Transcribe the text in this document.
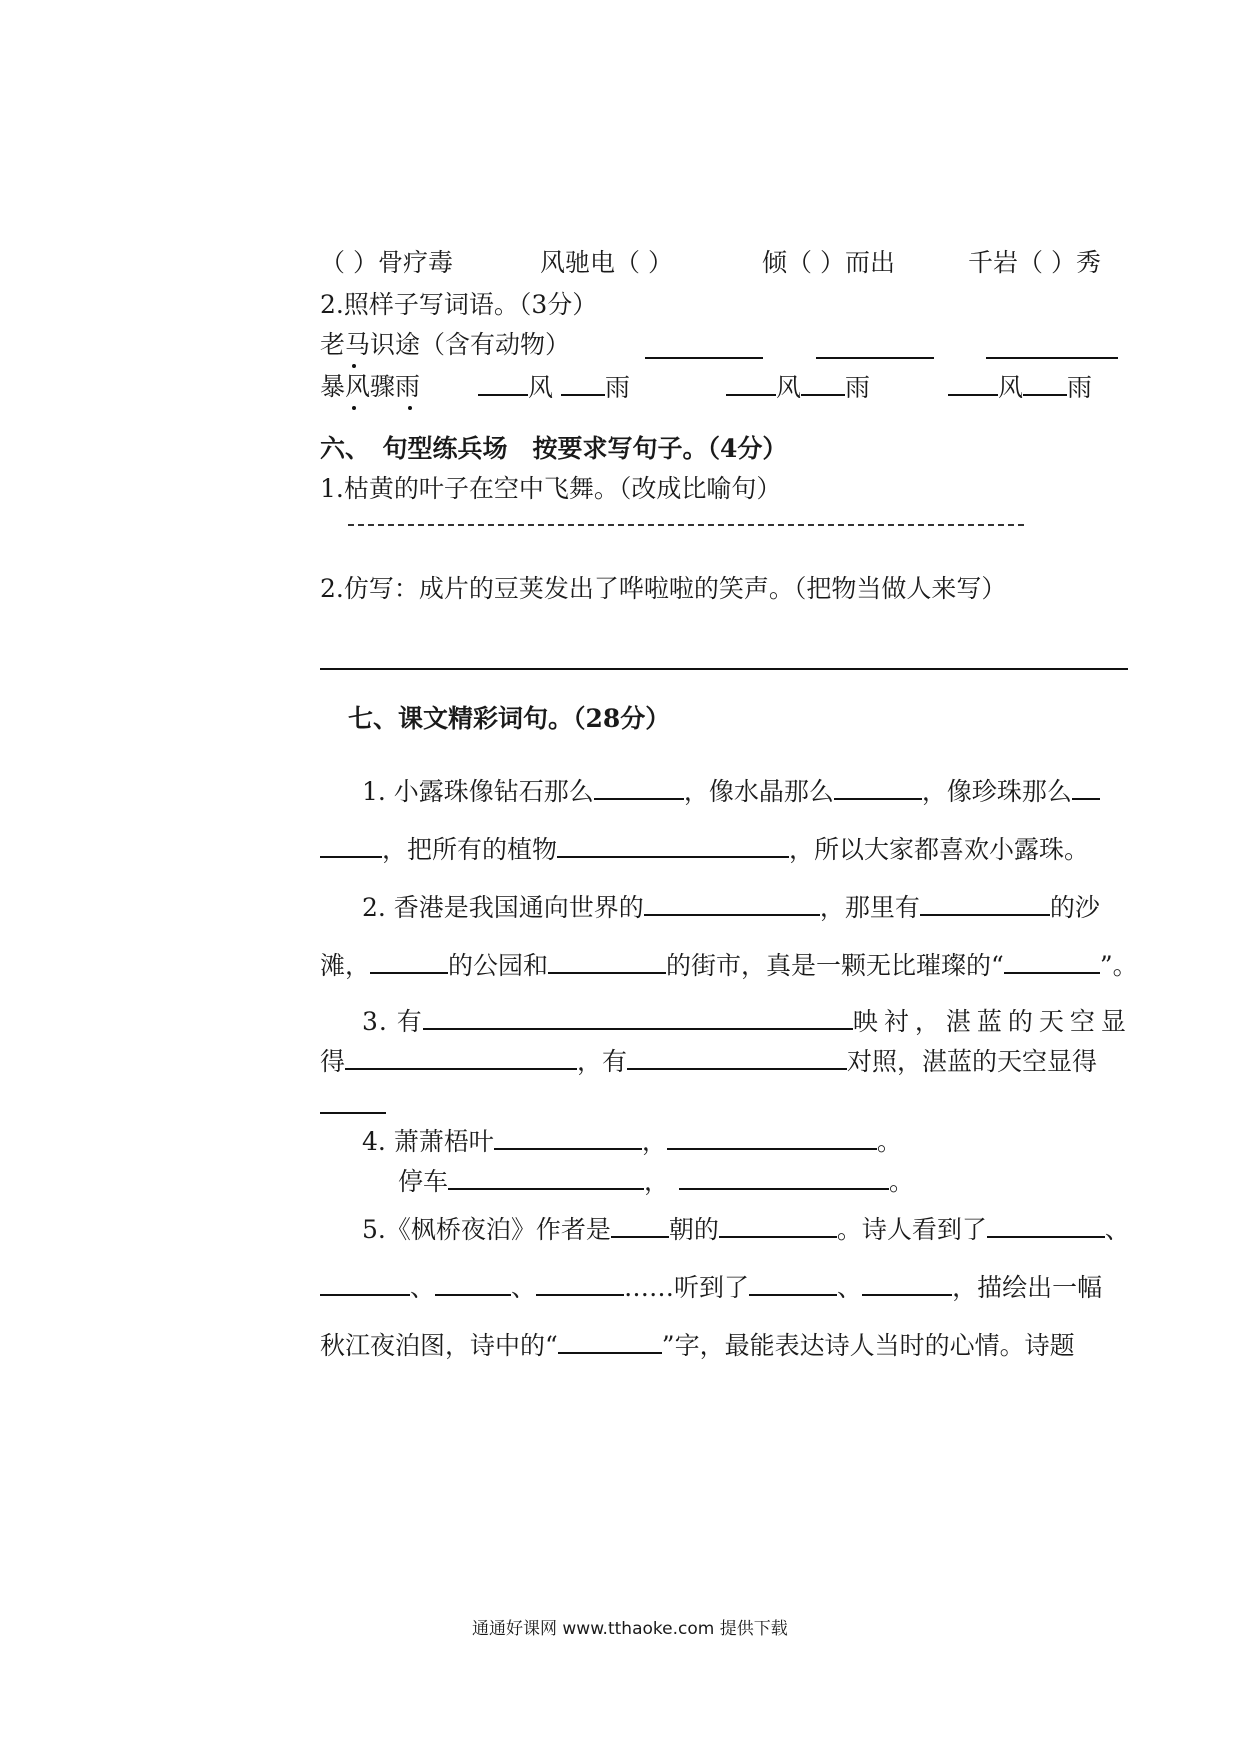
（ ）骨疗毒	风驰电（ ）	倾（ ）而出	千岩（ ）秀
2.照样子写词语。（3分）
老马识途（含有动物）
暴风骤雨	风 雨	风 雨	风 雨
六、　句型练兵场　按要求写句子。（4分）
1.枯黄的叶子在空中飞舞。（改成比喻句）
2.仿写：成片的豆荚发出了哗啦啦的笑声。（把物当做人来写）
七、课文精彩词句。（28分）
1. 小露珠像钻石那么	，像水晶那么	，像珍珠那么
，把所有的植物	，所以大家都喜欢小露珠。
2. 香港是我国通向世界的	，那里有	的沙
滩，	的公园和	的街市，真是一颗无比璀璨的“	”。
3. 有	映衬，湛蓝的天空显
得	，有	对照，湛蓝的天空显得
4. 萧萧梧叶	，	。
停车	，	。
5.《枫桥夜泊》作者是 朝的	。诗人看到了	、
、	、	……听到了	、	，描绘出一幅
秋江夜泊图，诗中的“	”字，最能表达诗人当时的心情。诗题
通通好课网 www.tthaoke.com 提供下载
